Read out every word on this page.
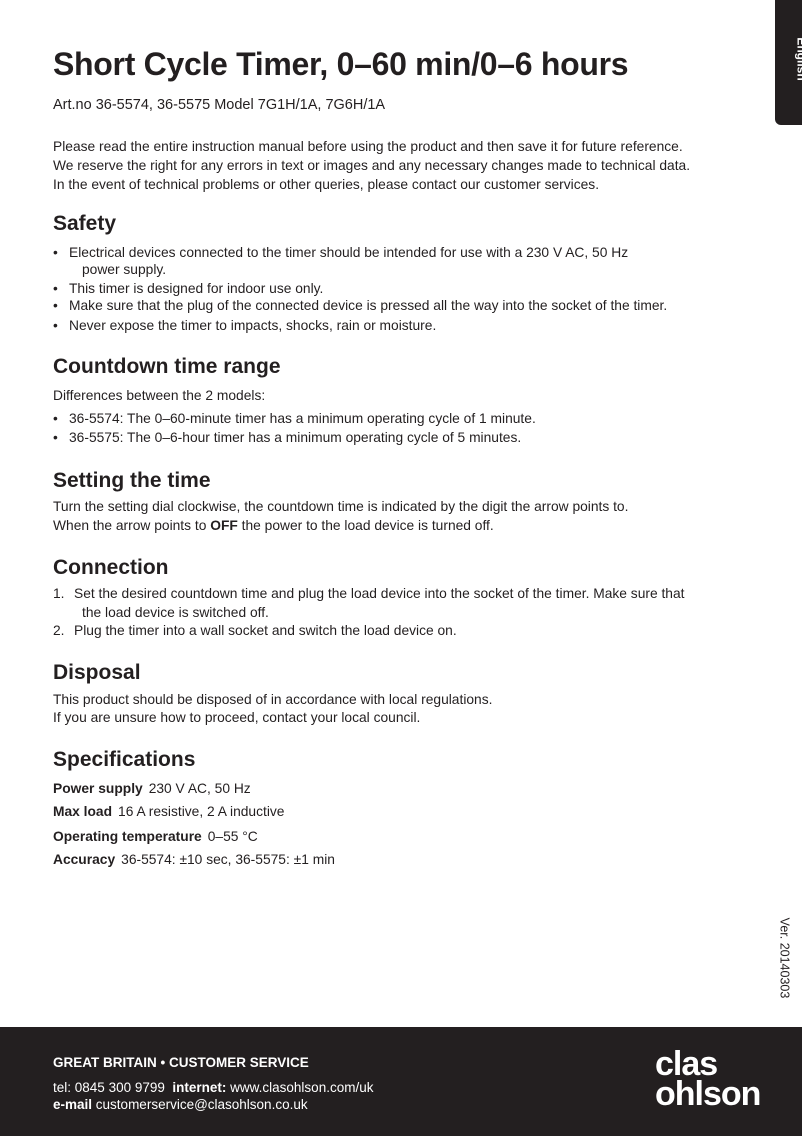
English
Short Cycle Timer, 0–60 min/0–6 hours
Art.no 36-5574, 36-5575 Model 7G1H/1A, 7G6H/1A
Please read the entire instruction manual before using the product and then save it for future reference.
We reserve the right for any errors in text or images and any necessary changes made to technical data.
In the event of technical problems or other queries, please contact our customer services.
Safety
• Electrical devices connected to the timer should be intended for use with a 230 V AC, 50 Hz
power supply.
• This timer is designed for indoor use only.
• Make sure that the plug of the connected device is pressed all the way into the socket of the timer.
• Never expose the timer to impacts, shocks, rain or moisture.
Countdown time range
Differences between the 2 models:
• 36-5574: The 0–60-minute timer has a minimum operating cycle of 1 minute.
• 36-5575: The 0–6-hour timer has a minimum operating cycle of 5 minutes.
Setting the time
Turn the setting dial clockwise, the countdown time is indicated by the digit the arrow points to.
When the arrow points to OFF the power to the load device is turned off.
Connection
1. Set the desired countdown time and plug the load device into the socket of the timer. Make sure that
the load device is switched off.
2. Plug the timer into a wall socket and switch the load device on.
Disposal
This product should be disposed of in accordance with local regulations.
If you are unsure how to proceed, contact your local council.
Specifications
Power supply 230 V AC, 50 Hz
Max load 16 A resistive, 2 A inductive
Operating temperature 0–55 °C
Accuracy 36-5574: ±10 sec, 36-5575: ±1 min
Ver. 20140303
GREAT BRITAIN • CUSTOMER SERVICE
tel: 0845 300 9799 internet: www.clasohlson.com/uk
e-mail customerservice@clasohlson.co.uk
clas
ohlson
